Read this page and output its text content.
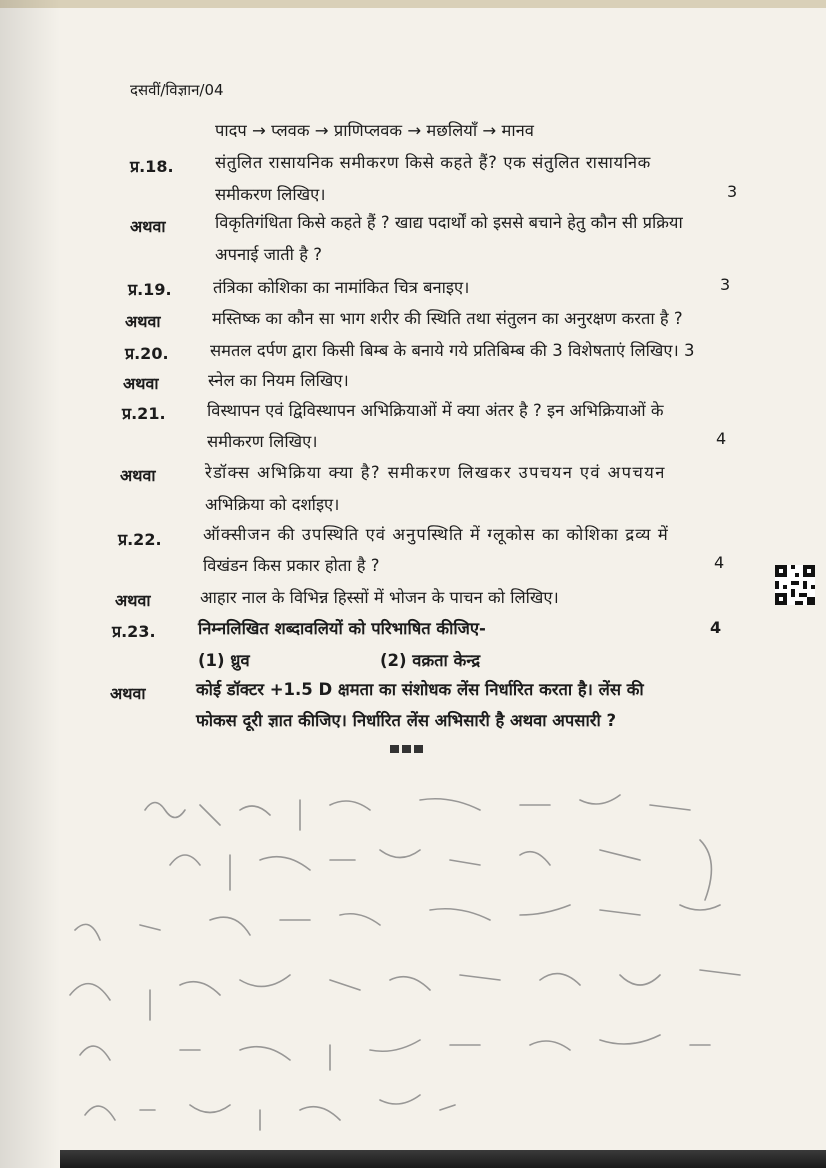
दसवीं/विज्ञान/04
पादप → प्लवक → प्राणिप्लवक → मछलियाँ → मानव
प्र.18.	संतुलित रासायनिक समीकरण किसे कहते हैं? एक संतुलित रासायनिक
समीकरण लिखिए।	3
अथवा	विकृतिगंधिता किसे कहते हैं ? खाद्य पदार्थों को इससे बचाने हेतु कौन सी प्रक्रिया
अपनाई जाती है ?
प्र.19.	तंत्रिका कोशिका का नामांकित चित्र बनाइए।	3
अथवा	मस्तिष्क का कौन सा भाग शरीर की स्थिति तथा संतुलन का अनुरक्षण करता है ?
प्र.20.	समतल दर्पण द्वारा किसी बिम्ब के बनाये गये प्रतिबिम्ब की 3 विशेषताएं लिखिए। 3
अथवा	स्नेल का नियम लिखिए।
प्र.21.	विस्थापन एवं द्विविस्थापन अभिक्रियाओं में क्या अंतर है ? इन अभिक्रियाओं के
समीकरण लिखिए।	4
अथवा	रेडॉक्स अभिक्रिया क्या है? समीकरण लिखकर उपचयन एवं अपचयन
अभिक्रिया को दर्शाइए।
प्र.22.	ऑक्सीजन की उपस्थिति एवं अनुपस्थिति में ग्लूकोस का कोशिका द्रव्य में
विखंडन किस प्रकार होता है ?	4
अथवा	आहार नाल के विभिन्न हिस्सों में भोजन के पाचन को लिखिए।
प्र.23.	निम्नलिखित शब्दावलियों को परिभाषित कीजिए-	4
(1) ध्रुव	(2) वक्रता केन्द्र
अथवा	कोई डॉक्टर +1.5 D क्षमता का संशोधक लेंस निर्धारित करता है। लेंस की
फोकस दूरी ज्ञात कीजिए। निर्धारित लेंस अभिसारी है अथवा अपसारी ?
